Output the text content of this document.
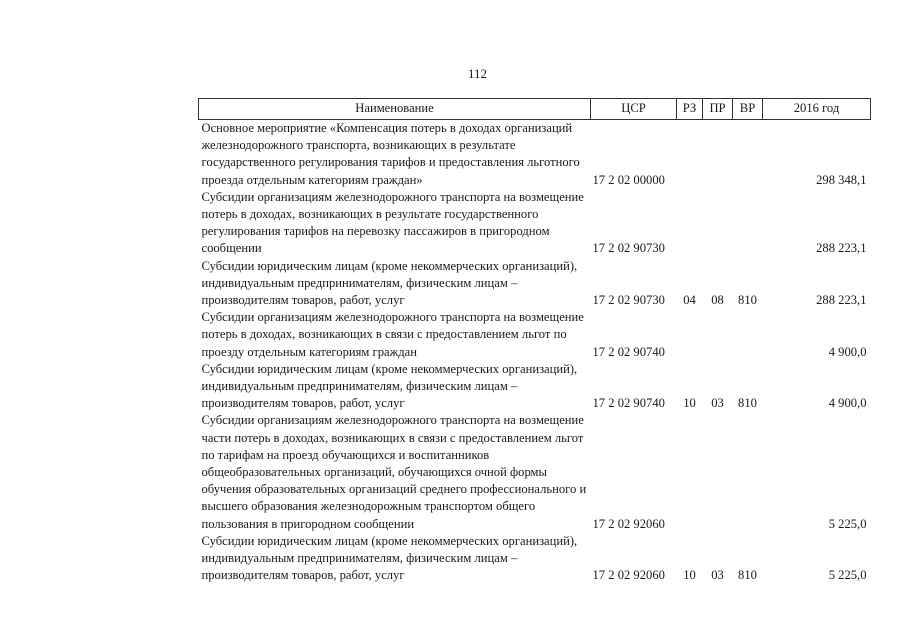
112
Наименование	ЦСР	РЗ	ПР	ВР	2016 год
Основное мероприятие «Компенсация потерь в доходах организаций железнодорожного транспорта, возникающих в результате государственного регулирования тарифов и предоставления льготного проезда отдельным категориям граждан»	17 2 02 00000				298 348,1
Субсидии организациям железнодорожного транспорта на возмещение потерь в доходах, возникающих в результате государственного регулирования тарифов на перевозку пассажиров в пригородном сообщении	17 2 02 90730				288 223,1
Субсидии юридическим лицам (кроме некоммерческих организаций), индивидуальным предпринимателям, физическим лицам – производителям товаров, работ, услуг	17 2 02 90730	04	08	810	288 223,1
Субсидии организациям железнодорожного транспорта на возмещение потерь в доходах, возникающих в связи с предоставлением льгот по проезду отдельным категориям граждан	17 2 02 90740				4 900,0
Субсидии юридическим лицам (кроме некоммерческих организаций), индивидуальным предпринимателям, физическим лицам – производителям товаров, работ, услуг	17 2 02 90740	10	03	810	4 900,0
Субсидии организациям железнодорожного транспорта на возмещение части потерь в доходах, возникающих в связи с предоставлением льгот по тарифам на проезд обучающихся и воспитанников общеобразовательных организаций, обучающихся очной формы обучения образовательных организаций среднего профессионального и высшего образования железнодорожным транспортом общего пользования в пригородном сообщении	17 2 02 92060				5 225,0
Субсидии юридическим лицам (кроме некоммерческих организаций), индивидуальным предпринимателям, физическим лицам – производителям товаров, работ, услуг	17 2 02 92060	10	03	810	5 225,0
